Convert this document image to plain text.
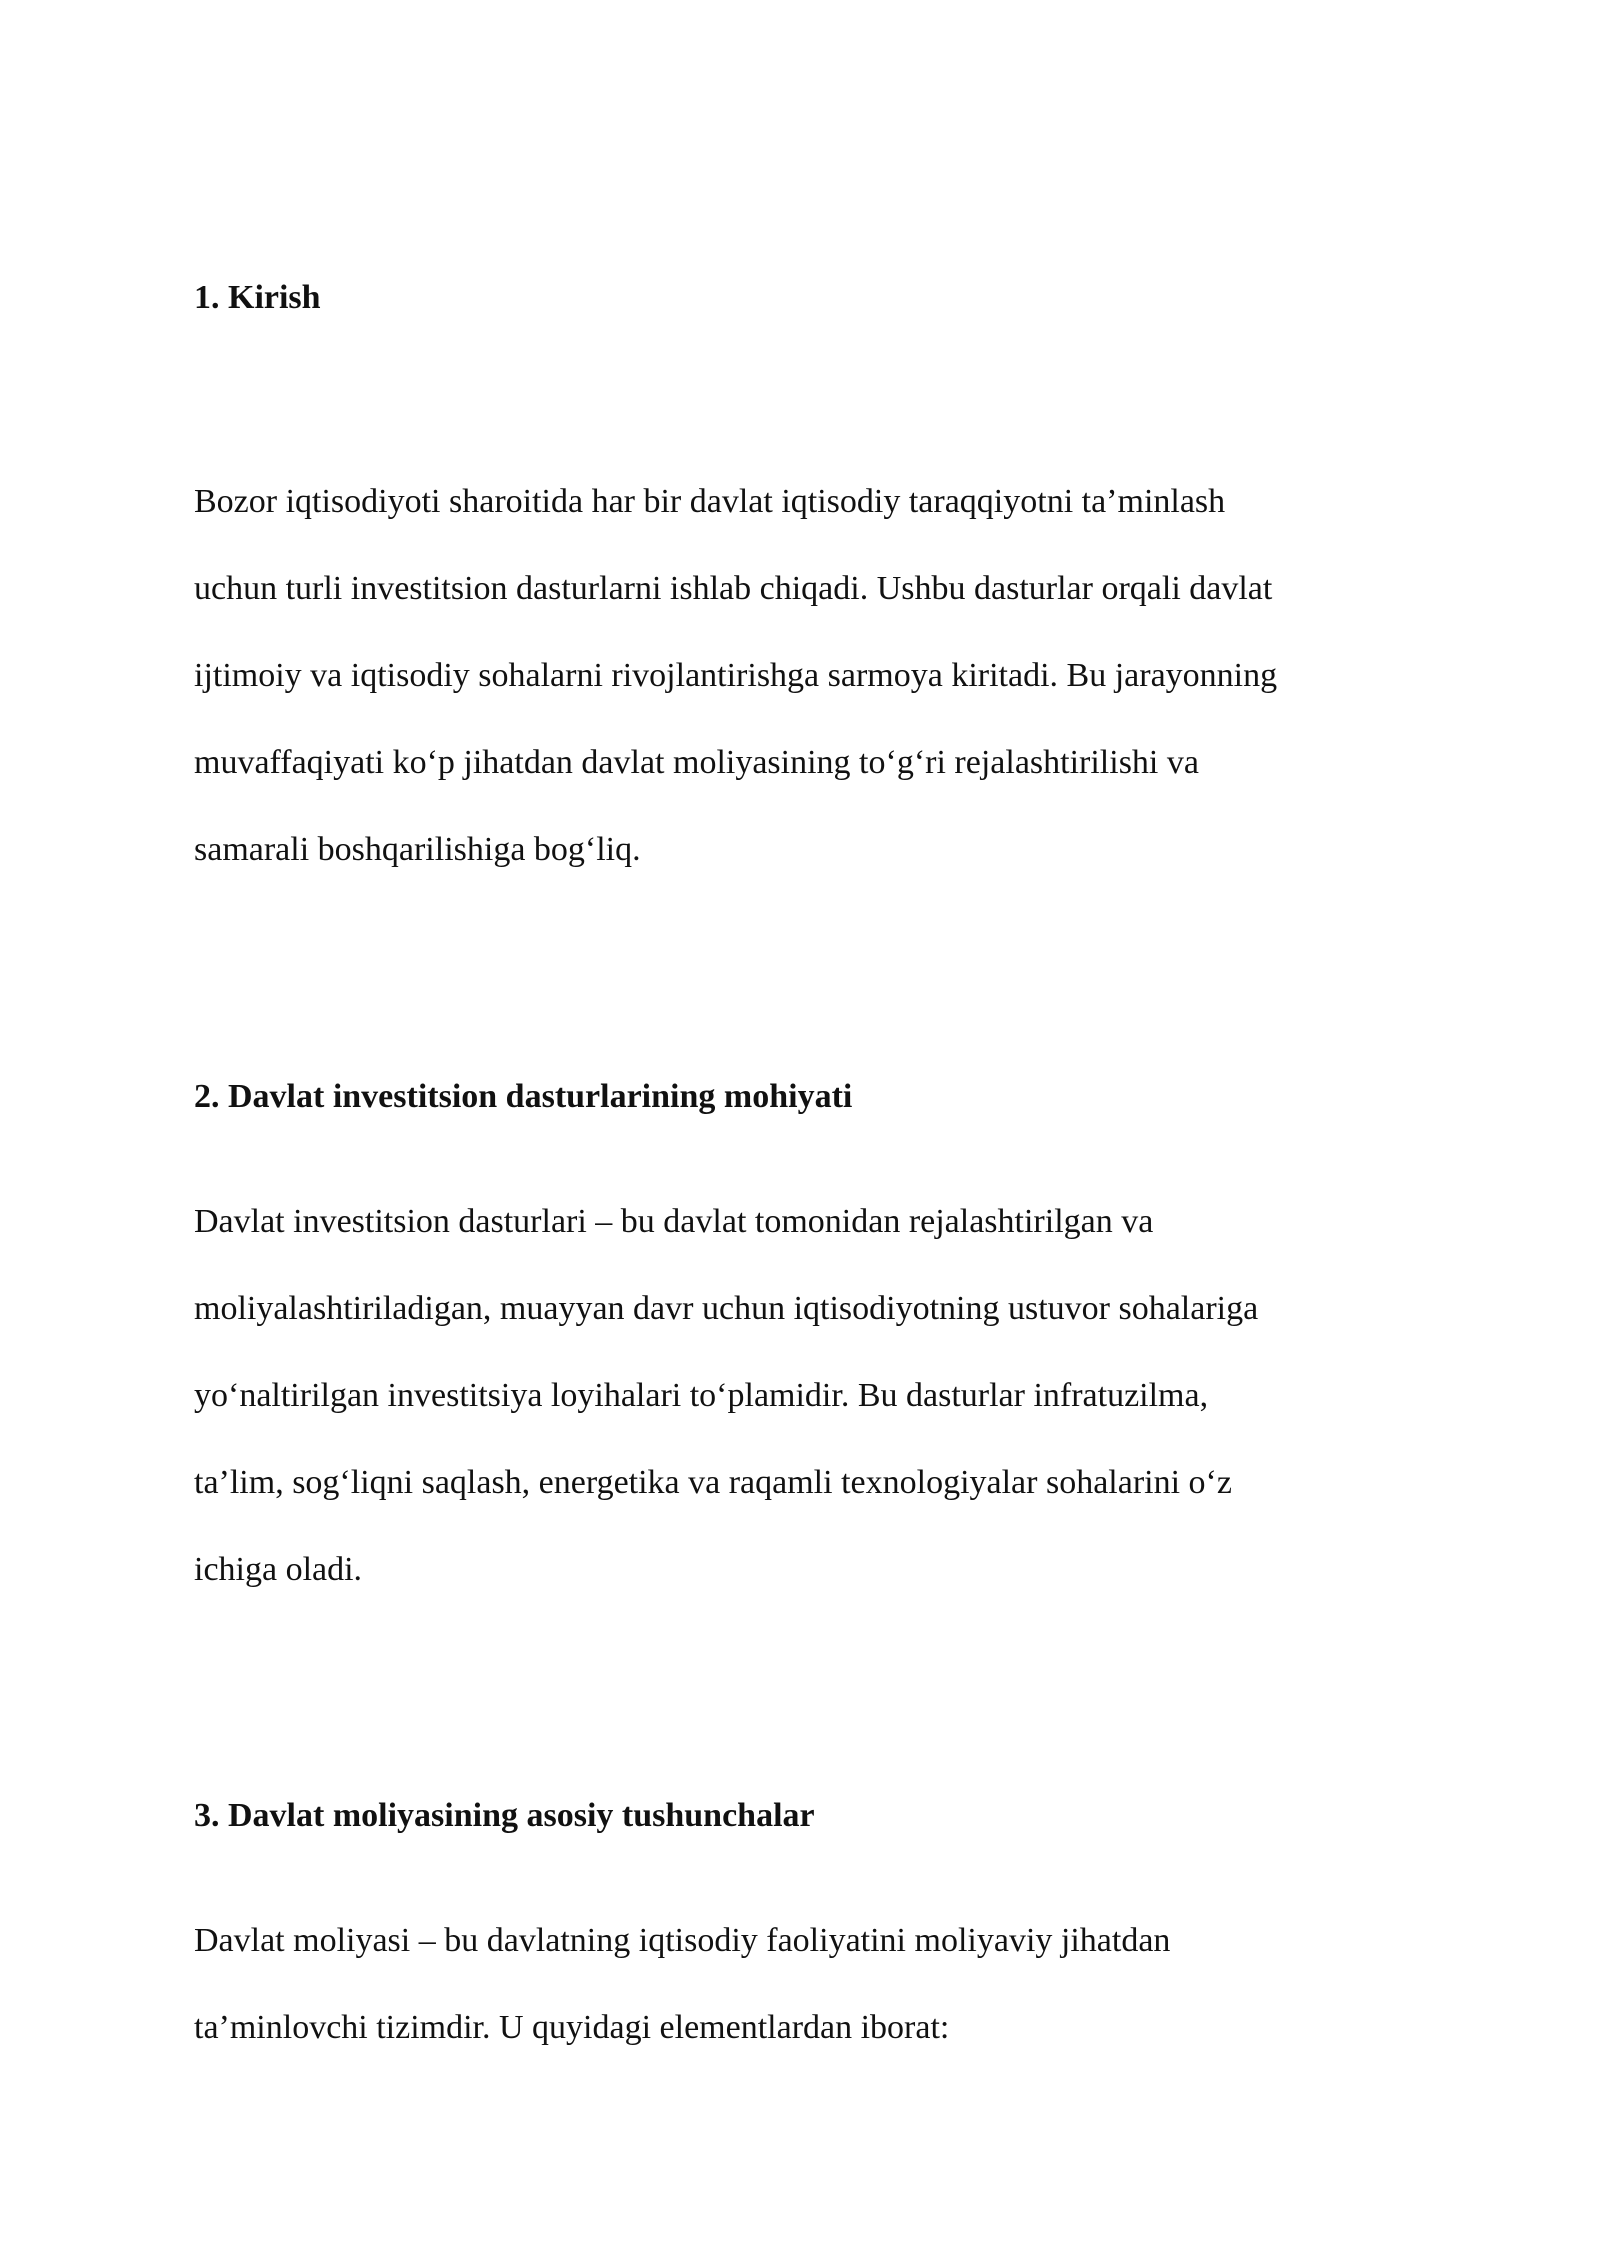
1. Kirish

Bozor iqtisodiyoti sharoitida har bir davlat iqtisodiy taraqqiyotni ta’minlash
uchun turli investitsion dasturlarni ishlab chiqadi. Ushbu dasturlar orqali davlat
ijtimoiy va iqtisodiy sohalarni rivojlantirishga sarmoya kiritadi. Bu jarayonning
muvaffaqiyati ko‘p jihatdan davlat moliyasining to‘g‘ri rejalashtirilishi va
samarali boshqarilishiga bog‘liq.

2. Davlat investitsion dasturlarining mohiyati

Davlat investitsion dasturlari – bu davlat tomonidan rejalashtirilgan va
moliyalashtiriladigan, muayyan davr uchun iqtisodiyotning ustuvor sohalariga
yo‘naltirilgan investitsiya loyihalari to‘plamidir. Bu dasturlar infratuzilma,
ta’lim, sog‘liqni saqlash, energetika va raqamli texnologiyalar sohalarini o‘z
ichiga oladi.

3. Davlat moliyasining asosiy tushunchalar

Davlat moliyasi – bu davlatning iqtisodiy faoliyatini moliyaviy jihatdan
ta’minlovchi tizimdir. U quyidagi elementlardan iborat:
